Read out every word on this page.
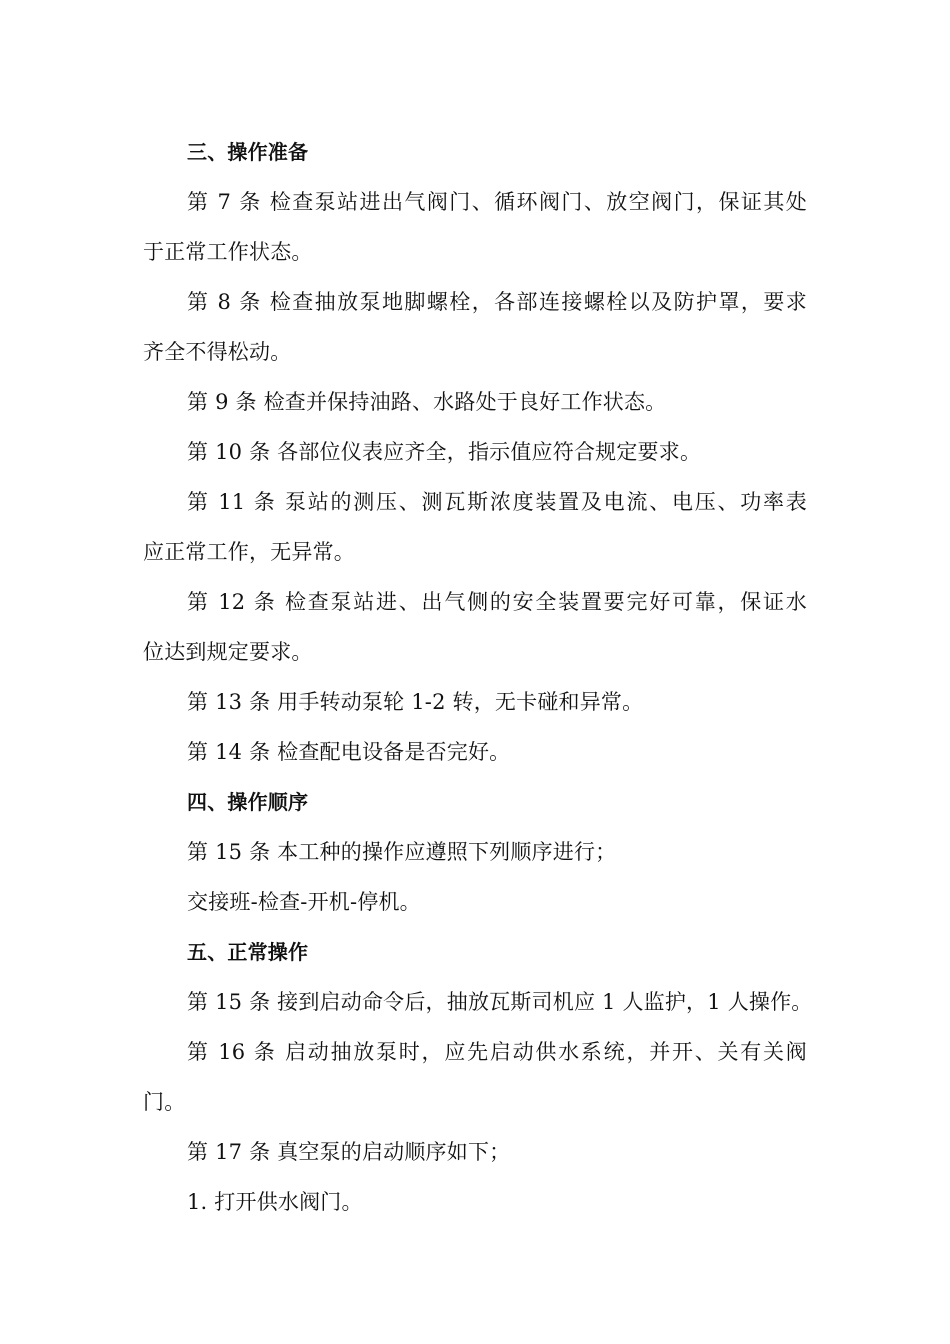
三、操作准备
第 7 条 检查泵站进出气阀门、循环阀门、放空阀门，保证其处
于正常工作状态。
第 8 条 检查抽放泵地脚螺栓，各部连接螺栓以及防护罩，要求
齐全不得松动。
第 9 条 检查并保持油路、水路处于良好工作状态。
第 10 条 各部位仪表应齐全，指示值应符合规定要求。
第 11 条 泵站的测压、测瓦斯浓度装置及电流、电压、功率表
应正常工作，无异常。
第 12 条 检查泵站进、出气侧的安全装置要完好可靠，保证水
位达到规定要求。
第 13 条 用手转动泵轮 1-2 转，无卡碰和异常。
第 14 条 检查配电设备是否完好。
四、操作顺序
第 15 条 本工种的操作应遵照下列顺序进行；
交接班-检查-开机-停机。
五、正常操作
第 15 条 接到启动命令后，抽放瓦斯司机应 1 人监护，1 人操作。
第 16 条 启动抽放泵时，应先启动供水系统，并开、关有关阀
门。
第 17 条 真空泵的启动顺序如下；
1. 打开供水阀门。
